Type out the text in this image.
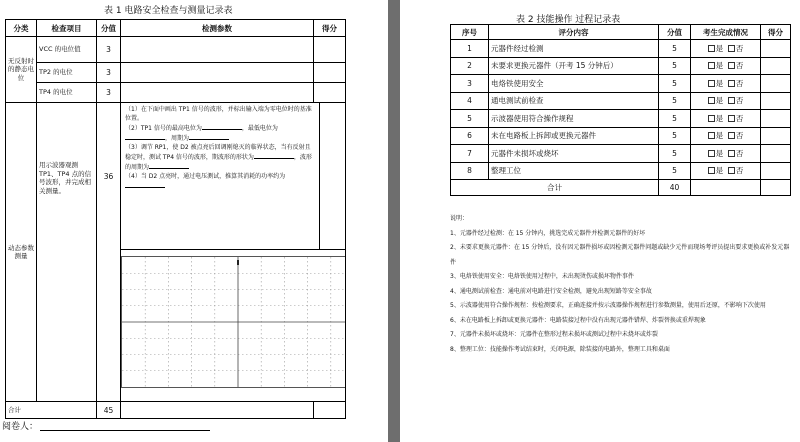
表 1 电路安全检查与测量记录表
分类	检查项目	分值	检测参数	得分
无反射时的静态电位	VCC 的电位值	3		
	TP2 的电位	3		
	TP4 的电位	3		
动态参数测量	用示波器观测TP1、TP4 点的信号波形，并完成相关测量。	36	（1）在下面中画出 TP1 信号的波形，并标出输入端为零电位时的基准位置。
（2）TP1 信号的最高电位为 ，最低电位为
，周期为
（3）调节 RP1，使 D2 被点亮后回调刚熄灭的临界状态，当有反射且稳定时，测试 TP4 信号的波形，期波形的形状为 ，波形的周期为
（4）当 D2 点亮时，通过电压测试，推算其消耗的功率约为	

合计		45		
阅卷人：
表 2 技能操作 过程记录表
序号	评分内容	分值	考生完成情况	得分
1	元器件经过检测	5	是 否	
2	未要求更换元器件（开考 15 分钟后）	5	是 否	
3	电烙铁使用安全	5	是 否	
4	通电测试前检查	5	是 否	
5	示波器使用符合操作规程	5	是 否	
6	未在电路板上拆卸或更换元器件	5	是 否	
7	元器件未损坏或烧坏	5	是 否	
8	整理工位	5	是 否	
合计		40		
说明：
1、元器件经过检测：在 15 分钟内，挑选完成元器件并检测元器件的好坏
2、未要求更换元器件：在 15 分钟后，没有因元器件损坏或因检测元器件问题或缺少元件而现场考评员提出要求更换或补发元器件
3、电烙铁使用安全：电烙铁使用过程中，未出现烫伤或损坏物件事件
4、通电测试前检查：通电前对电路进行安全检测，避免出现短路等安全事故
5、示波器使用符合操作规程：按检测要求，正确连接并按示波器操作规程进行参数测量，使用后还原，不影响下次使用
6、未在电路板上拆卸或更换元器件：电路装接过程中没有出现元器件错焊、炸裂替换或重焊现象
7、元器件未损坏或烧坏：元器件在整形过程未损坏或测试过程中未烧坏或炸裂
8、整理工位：技能操作考试结束时，关闭电源，除装接的电路外，整理工具和桌面
